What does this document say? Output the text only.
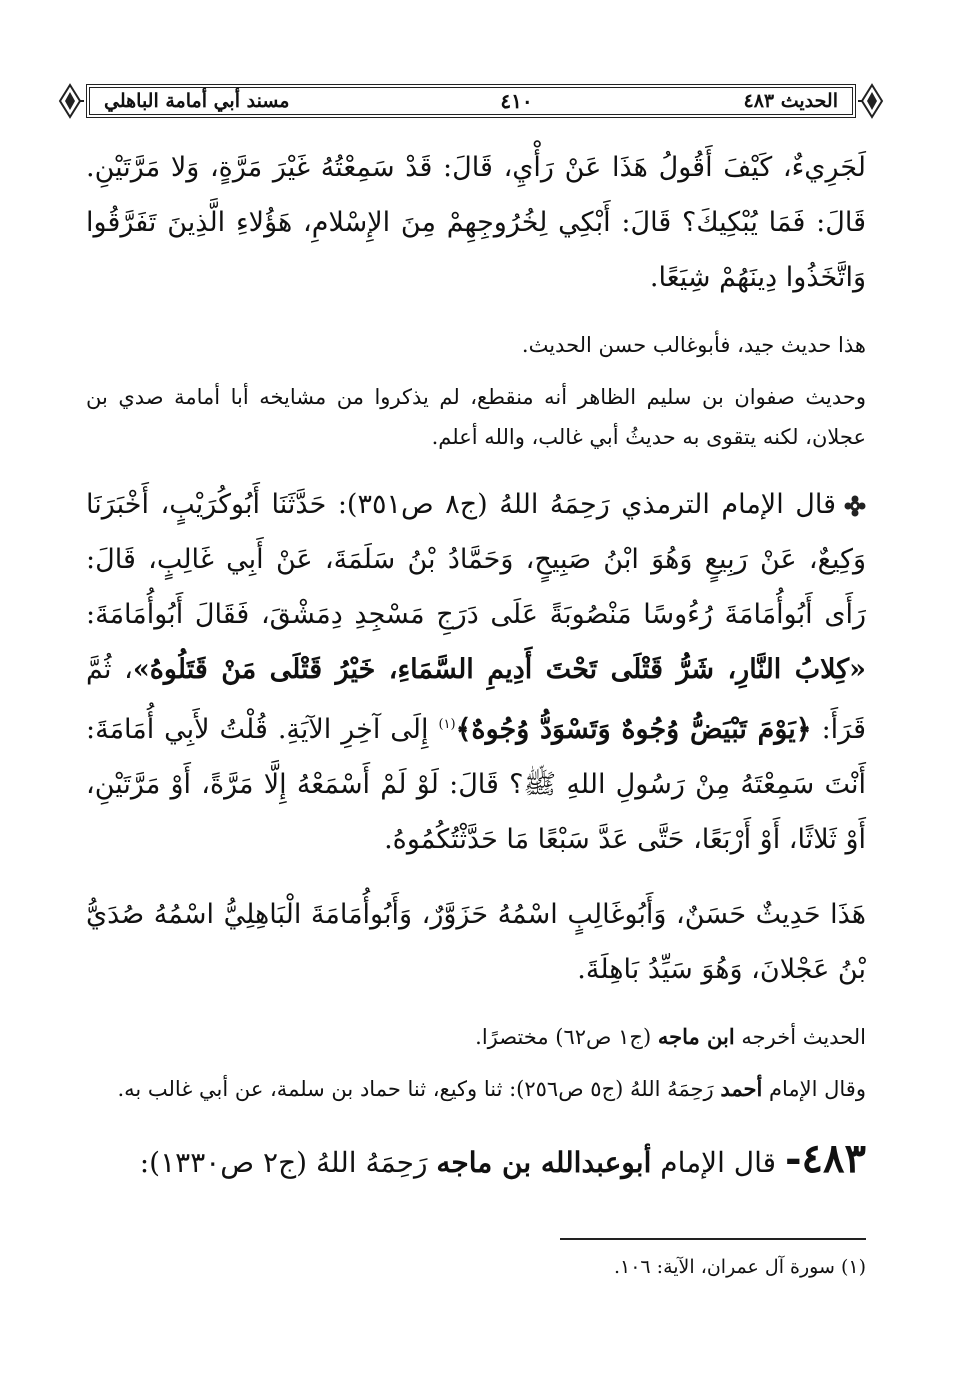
الحديث ٤٨٣
٤١٠
مسند أبي أمامة الباهلي

لَجَرِيءٌ، كَيْفَ أَقُولُ هَذَا عَنْ رَأْيِ، قَالَ: قَدْ سَمِعْتُهُ غَيْرَ مَرَّةٍ، وَلا مَرَّتَيْنِ. قَالَ: فَمَا يُبْكِيكَ؟ قَالَ: أَبْكِي لِخُرُوجِهِمْ مِنَ الإِسْلامِ، هَؤُلاءِ الَّذِينَ تَفَرَّقُوا وَاتَّخَذُوا دِينَهُمْ شِيَعًا.

هذا حديث جيد، فأبوغالب حسن الحديث.

وحديث صفوان بن سليم الظاهر أنه منقطع، لم يذكروا من مشايخه أبا أمامة صدي بن عجلان، لكنه يتقوى به حديثُ أبي غالب، والله أعلم.

قال الإمام الترمذي رَحِمَهُ اللهُ (ج٨ ص٣٥١): حَدَّثَنَا أَبُوكُرَيْبٍ، أَخْبَرَنَا وَكِيعٌ، عَنْ رَبِيعٍ وَهُوَ ابْنُ صَبِيحٍ، وَحَمَّادُ بْنُ سَلَمَةَ، عَنْ أَبِي غَالِبٍ، قَالَ: رَأَى أَبُوأُمَامَةَ رُءُوسًا مَنْصُوبَةً عَلَى دَرَجِ مَسْجِدِ دِمَشْقَ، فَقَالَ أَبُوأُمَامَةَ: «كِلابُ النَّارِ، شَرُّ قَتْلَى تَحْتَ أَدِيمِ السَّمَاءِ، خَيْرُ قَتْلَى مَنْ قَتَلُوهُ»، ثُمَّ قَرَأَ: ﴿يَوْمَ تَبْيَضُّ وُجُوهٌ وَتَسْوَدُّ وُجُوهٌ﴾$^{(١)}$ إِلَى آخِرِ الآيَةِ. قُلْتُ لأَبِي أُمَامَةَ: أَنْتَ سَمِعْتَهُ مِنْ رَسُولِ اللهِ ﷺ؟ قَالَ: لَوْ لَمْ أَسْمَعْهُ إِلَّا مَرَّةً، أَوْ مَرَّتَيْنِ، أَوْ ثَلاثًا، أَوْ أَرْبَعًا، حَتَّى عَدَّ سَبْعًا مَا حَدَّثْتُكُمُوهُ.

هَذَا حَدِيثٌ حَسَنٌ، وَأَبُوغَالِبٍ اسْمُهُ حَزَوَّرٌ، وَأَبُوأُمَامَةَ الْبَاهِلِيُّ اسْمُهُ صُدَيُّ بْنُ عَجْلانَ، وَهُوَ سَيِّدُ بَاهِلَةَ.

الحديث أخرجه ابن ماجه (ج١ ص٦٢) مختصرًا.

وقال الإمام أحمد رَحِمَهُ اللهُ (ج٥ ص٢٥٦): ثنا وكيع، ثنا حماد بن سلمة، عن أبي غالب به.

٤٨٣- قال الإمام أبوعبدالله بن ماجه رَحِمَهُ اللهُ (ج٢ ص١٣٣٠):

(١) سورة آل عمران، الآية: ١٠٦.
